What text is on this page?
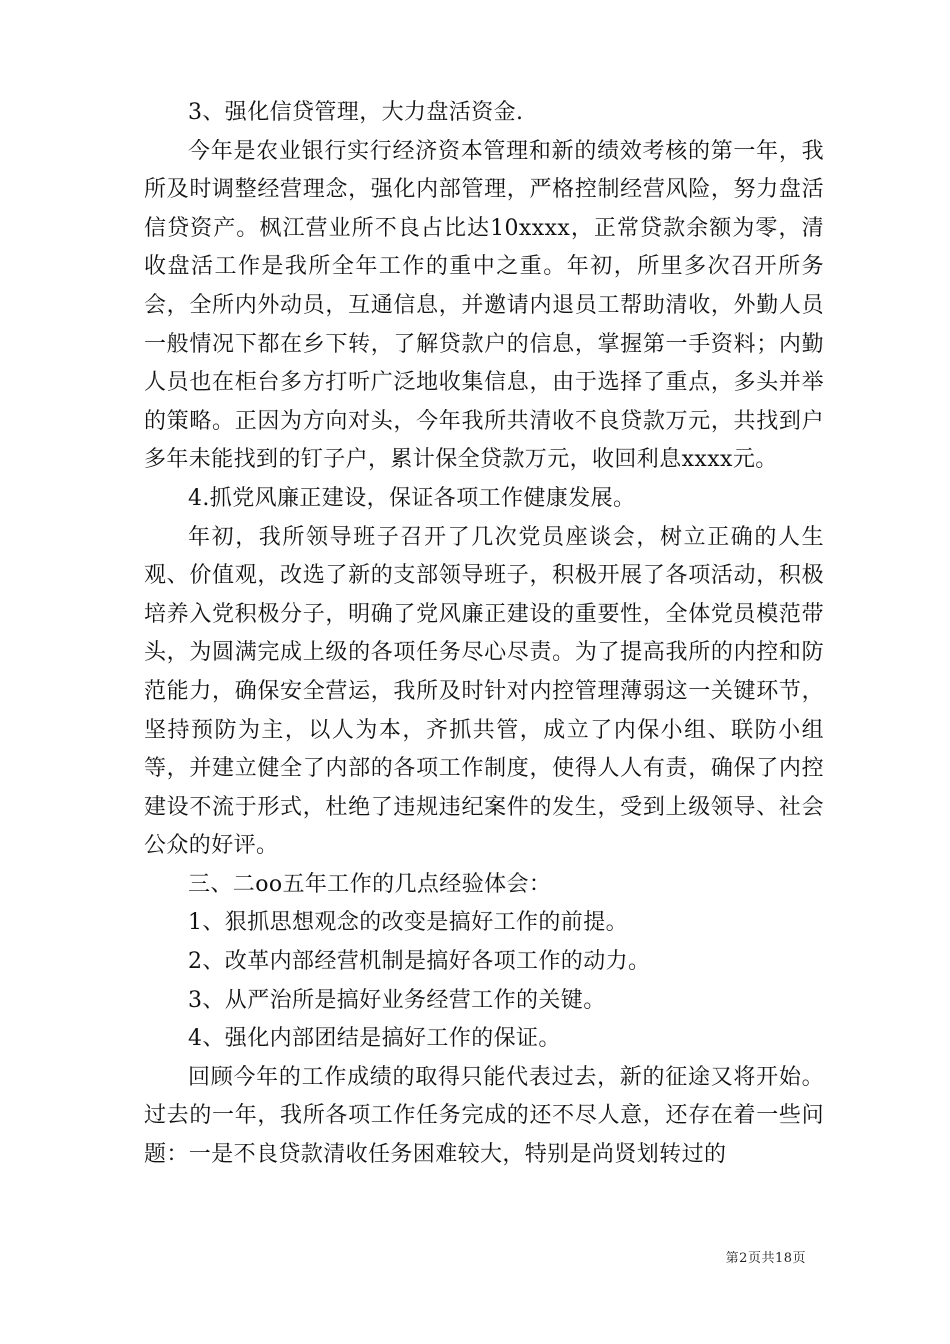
3、强化信贷管理，大力盘活资金.

今年是农业银行实行经济资本管理和新的绩效考核的第一年，我所及时调整经营理念，强化内部管理，严格控制经营风险，努力盘活信贷资产。枫江营业所不良占比达10xxxx，正常贷款余额为零，清收盘活工作是我所全年工作的重中之重。年初，所里多次召开所务会，全所内外动员，互通信息，并邀请内退员工帮助清收，外勤人员一般情况下都在乡下转，了解贷款户的信息，掌握第一手资料；内勤人员也在柜台多方打听广泛地收集信息，由于选择了重点，多头并举的策略。正因为方向对头，今年我所共清收不良贷款万元，共找到户多年未能找到的钉子户，累计保全贷款万元，收回利息xxxx元。

4.抓党风廉正建设，保证各项工作健康发展。

年初，我所领导班子召开了几次党员座谈会，树立正确的人生观、价值观，改选了新的支部领导班子，积极开展了各项活动，积极培养入党积极分子，明确了党风廉正建设的重要性，全体党员模范带头，为圆满完成上级的各项任务尽心尽责。为了提高我所的内控和防范能力，确保安全营运，我所及时针对内控管理薄弱这一关键环节，坚持预防为主，以人为本，齐抓共管，成立了内保小组、联防小组等，并建立健全了内部的各项工作制度，使得人人有责，确保了内控建设不流于形式，杜绝了违规违纪案件的发生，受到上级领导、社会公众的好评。

三、二oo五年工作的几点经验体会：

1、狠抓思想观念的改变是搞好工作的前提。

2、改革内部经营机制是搞好各项工作的动力。

3、从严治所是搞好业务经营工作的关键。

4、强化内部团结是搞好工作的保证。

回顾今年的工作成绩的取得只能代表过去，新的征途又将开始。过去的一年，我所各项工作任务完成的还不尽人意，还存在着一些问题：一是不良贷款清收任务困难较大，特别是尚贤划转过的

第2页共18页
